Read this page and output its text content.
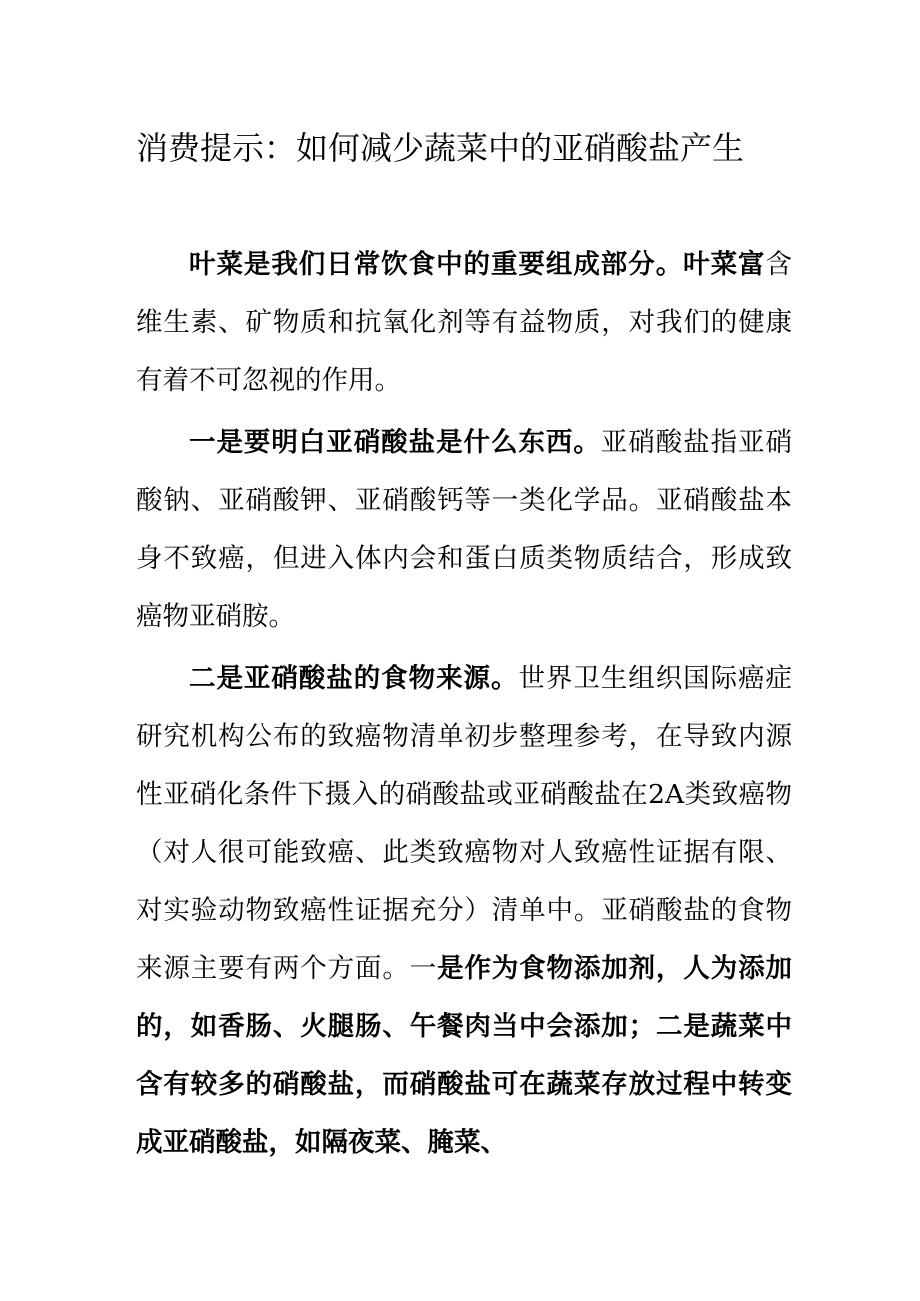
消费提示：如何减少蔬菜中的亚硝酸盐产生

叶菜是我们日常饮食中的重要组成部分。叶菜富含维生素、矿物质和抗氧化剂等有益物质，对我们的健康有着不可忽视的作用。

一是要明白亚硝酸盐是什么东西。亚硝酸盐指亚硝酸钠、亚硝酸钾、亚硝酸钙等一类化学品。亚硝酸盐本身不致癌，但进入体内会和蛋白质类物质结合，形成致癌物亚硝胺。

二是亚硝酸盐的食物来源。世界卫生组织国际癌症研究机构公布的致癌物清单初步整理参考，在导致内源性亚硝化条件下摄入的硝酸盐或亚硝酸盐在2A类致癌物（对人很可能致癌、此类致癌物对人致癌性证据有限、对实验动物致癌性证据充分）清单中。亚硝酸盐的食物来源主要有两个方面。一是作为食物添加剂，人为添加的，如香肠、火腿肠、午餐肉当中会添加；二是蔬菜中含有较多的硝酸盐，而硝酸盐可在蔬菜存放过程中转变成亚硝酸盐，如隔夜菜、腌菜、
